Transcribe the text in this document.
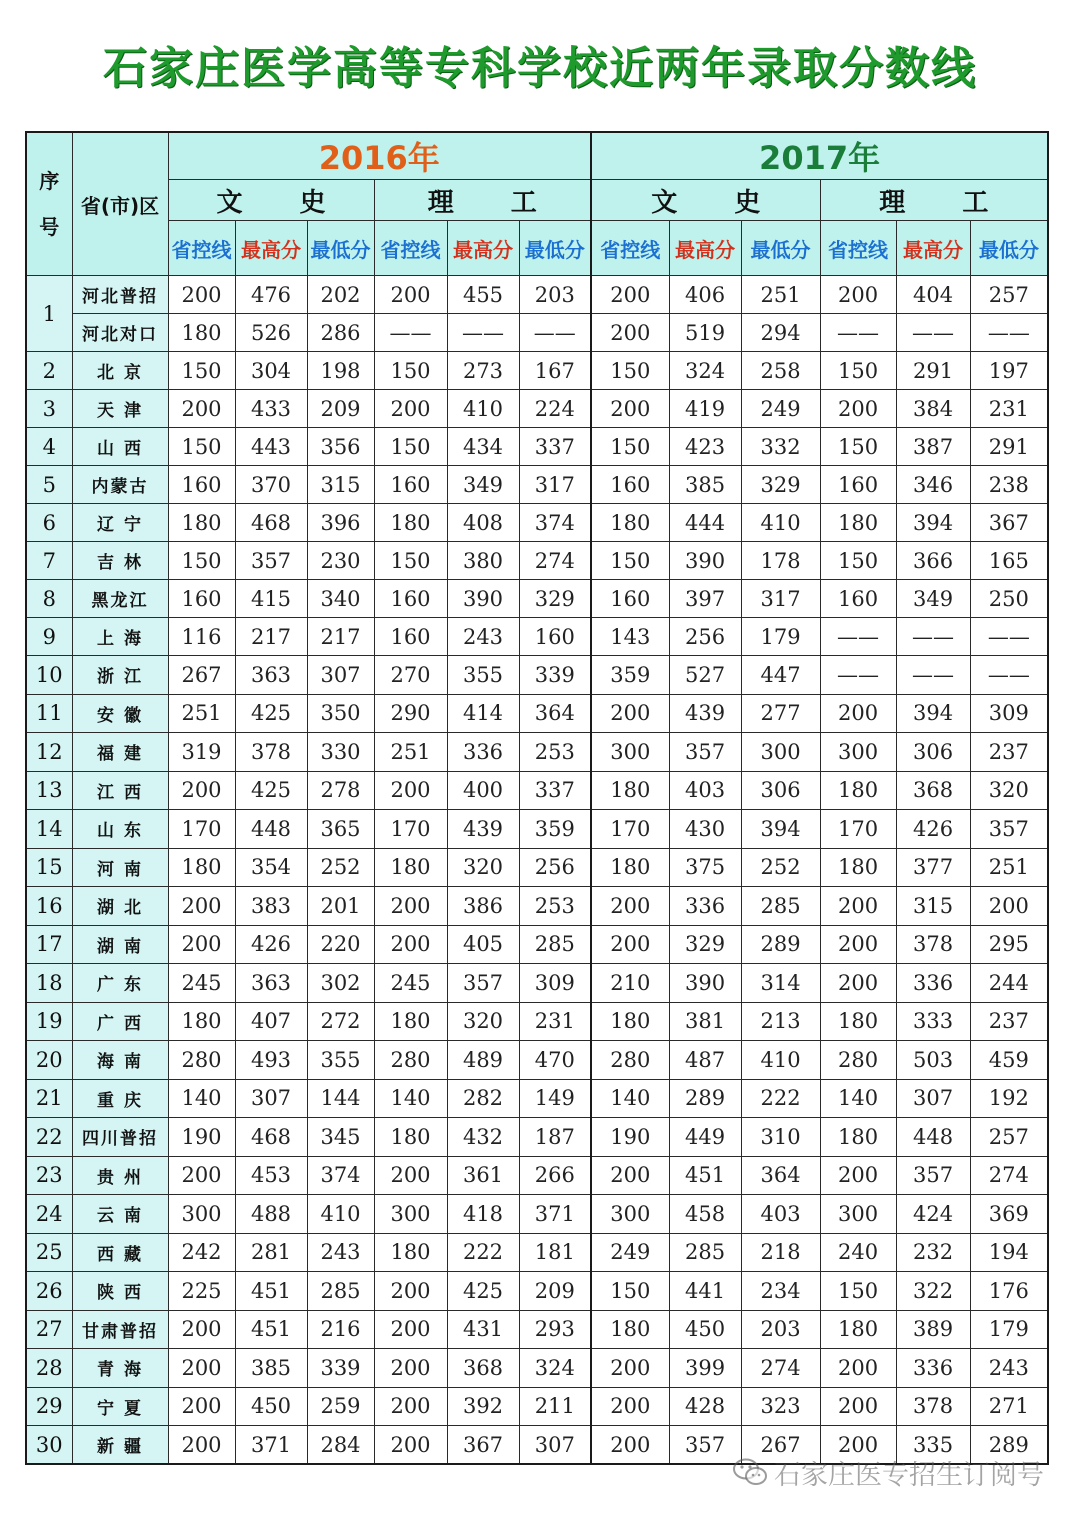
石家庄医学高等专科学校近两年录取分数线
序号	省(市)区	2016年						2017年					
		文 史			理 工			文 史			理 工		
		省控线	最高分	最低分	省控线	最高分	最低分	省控线	最高分	最低分	省控线	最高分	最低分
1	河北普招	200	476	202	200	455	203	200	406	251	200	404	257
	河北对口	180	526	286	——	——	——	200	519	294	——	——	——
2	北 京	150	304	198	150	273	167	150	324	258	150	291	197
3	天 津	200	433	209	200	410	224	200	419	249	200	384	231
4	山 西	150	443	356	150	434	337	150	423	332	150	387	291
5	内蒙古	160	370	315	160	349	317	160	385	329	160	346	238
6	辽 宁	180	468	396	180	408	374	180	444	410	180	394	367
7	吉 林	150	357	230	150	380	274	150	390	178	150	366	165
8	黑龙江	160	415	340	160	390	329	160	397	317	160	349	250
9	上 海	116	217	217	160	243	160	143	256	179	——	——	——
10	浙 江	267	363	307	270	355	339	359	527	447	——	——	——
11	安 徽	251	425	350	290	414	364	200	439	277	200	394	309
12	福 建	319	378	330	251	336	253	300	357	300	300	306	237
13	江 西	200	425	278	200	400	337	180	403	306	180	368	320
14	山 东	170	448	365	170	439	359	170	430	394	170	426	357
15	河 南	180	354	252	180	320	256	180	375	252	180	377	251
16	湖 北	200	383	201	200	386	253	200	336	285	200	315	200
17	湖 南	200	426	220	200	405	285	200	329	289	200	378	295
18	广 东	245	363	302	245	357	309	210	390	314	200	336	244
19	广 西	180	407	272	180	320	231	180	381	213	180	333	237
20	海 南	280	493	355	280	489	470	280	487	410	280	503	459
21	重 庆	140	307	144	140	282	149	140	289	222	140	307	192
22	四川普招	190	468	345	180	432	187	190	449	310	180	448	257
23	贵 州	200	453	374	200	361	266	200	451	364	200	357	274
24	云 南	300	488	410	300	418	371	300	458	403	300	424	369
25	西 藏	242	281	243	180	222	181	249	285	218	240	232	194
26	陕 西	225	451	285	200	425	209	150	441	234	150	322	176
27	甘肃普招	200	451	216	200	431	293	180	450	203	180	389	179
28	青 海	200	385	339	200	368	324	200	399	274	200	336	243
29	宁 夏	200	450	259	200	392	211	200	428	323	200	378	271
30	新 疆	200	371	284	200	367	307	200	357	267	200	335	289
石家庄医专招生订阅号
